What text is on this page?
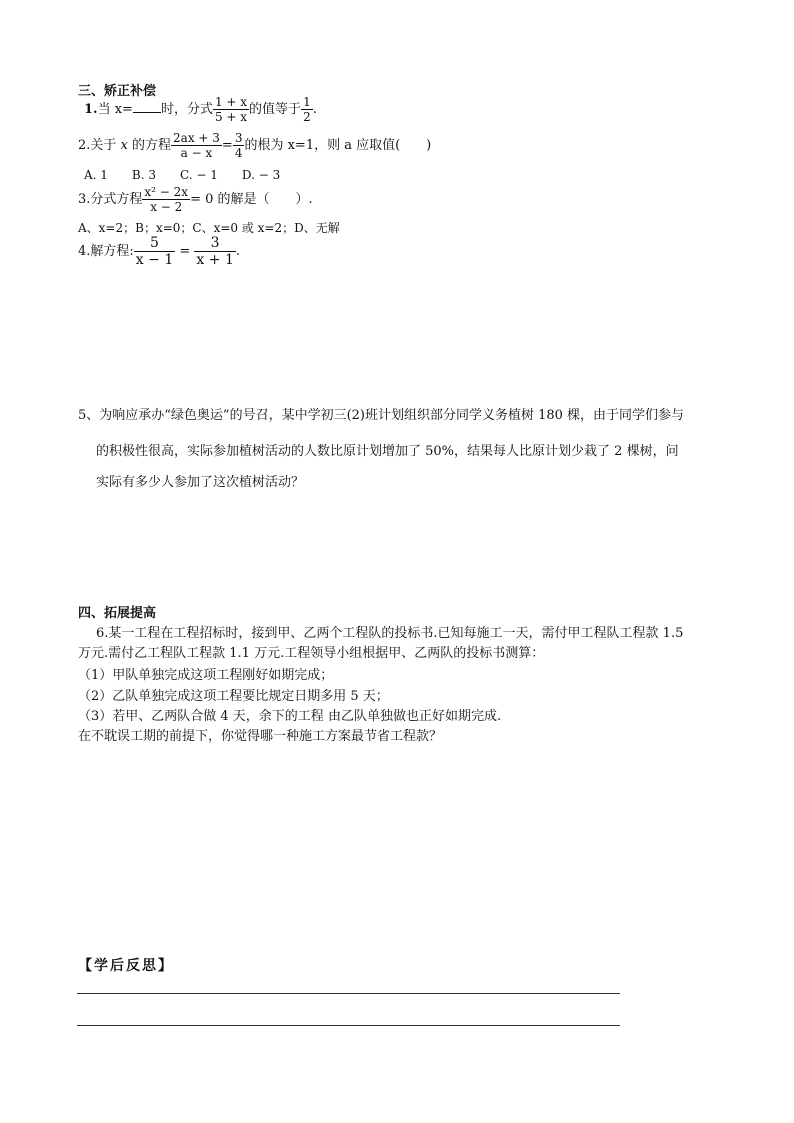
三、矫正补偿
1.当 x= 时，分式 $\frac{1 + x}{5 + x}$ 的值等于 $\frac{1}{2}$ .
2.关于 x 的方程 $\frac{2ax + 3}{a - x} = \frac{3}{4}$ 的根为 x=1，则 a 应取值(　　)
A. 1　　B. 3　　C. − 1　　D. − 3
3.分式方程 $\frac{\text{x² − 2x}}{x - 2} = 0$ 的解是（　　）.
A、x=2；B；x=0；C、x=0 或 x=2；D、无解
4.解方程: $\frac{5}{x - 1} = \frac{3}{x + 1}$ .
5、为响应承办“绿色奥运”的号召，某中学初三(2)班计划组织部分同学义务植树 180 棵，由于同学们参与
的积极性很高，实际参加植树活动的人数比原计划增加了 50%，结果每人比原计划少栽了 2 棵树，问
实际有多少人参加了这次植树活动？
四、拓展提高
6.某一工程在工程招标时，接到甲、乙两个工程队的投标书.已知每施工一天，需付甲工程队工程款 1.5
万元.需付乙工程队工程款 1.1 万元.工程领导小组根据甲、乙两队的投标书测算：
（1）甲队单独完成这项工程刚好如期完成；
（2）乙队单独完成这项工程要比规定日期多用 5 天；
（3）若甲、乙两队合做 4 天，余下的工程 由乙队单独做也正好如期完成.
在不耽误工期的前提下，你觉得哪一种施工方案最节省工程款？
【学后反思】
